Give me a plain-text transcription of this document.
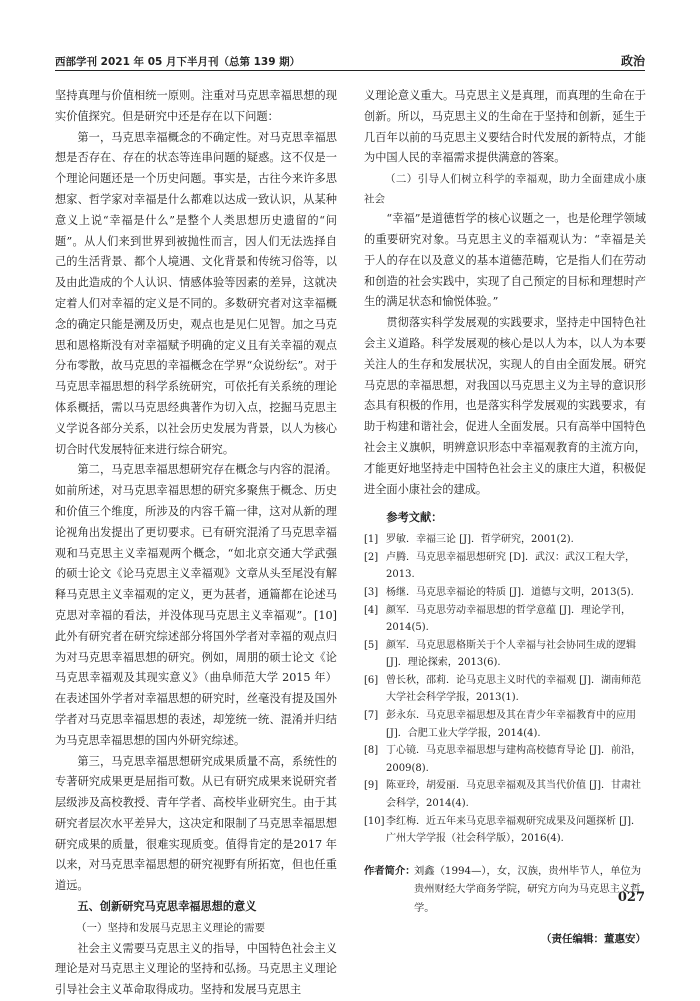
西部学刊 2021 年 05 月下半月刊（总第 139 期）	政治

坚持真理与价值相统一原则。注重对马克思幸福思想的现实价值探究。但是研究中还是存在以下问题：

第一，马克思幸福概念的不确定性。对马克思幸福思想是否存在、存在的状态等连串问题的疑惑。这不仅是一个理论问题还是一个历史问题。事实是，古往今来许多思想家、哲学家对幸福是什么都难以达成一致认识，从某种意义上说“幸福是什么”是整个人类思想历史遗留的“问题”。从人们来到世界到被抛性而言，因人们无法选择自己的生活背景、都个人境遇、文化背景和传统习俗等，以及由此造成的个人认识、情感体验等因素的差异，这就决定着人们对幸福的定义是不同的。多数研究者对这幸福概念的确定只能是溯及历史，观点也是见仁见智。加之马克思和恩格斯没有对幸福赋予明确的定义且有关幸福的观点分布零散，故马克思的幸福概念在学界“众说纷纭”。对于马克思幸福思想的科学系统研究，可依托有关系统的理论体系概括，需以马克思经典著作为切入点，挖掘马克思主义学说各部分关系，以社会历史发展为背景，以人为核心切合时代发展特征来进行综合研究。

第二，马克思幸福思想研究存在概念与内容的混淆。如前所述，对马克思幸福思想的研究多聚焦于概念、历史和价值三个维度，所涉及的内容千篇一律，这对从新的理论视角出发提出了更切要求。已有研究混淆了马克思幸福观和马克思主义幸福观两个概念，“如北京交通大学武强的硕士论文《论马克思主义幸福观》文章从头至尾没有解释马克思主义幸福观的定义，更为甚者，通篇都在论述马克思对幸福的看法，并没体现马克思主义幸福观”。[10] 此外有研究者在研究综述部分将国外学者对幸福的观点归为对马克思幸福思想的研究。例如，周朋的硕士论文《论马克思幸福观及其现实意义》（曲阜师范大学 2015 年）在表述国外学者对幸福思想的研究时，丝毫没有提及国外学者对马克思幸福思想的表述，却笼统一统、混淆并归结为马克思幸福思想的国内外研究综述。

第三，马克思幸福思想研究成果质量不高，系统性的专著研究成果更是屈指可数。从已有研究成果来说研究者层级涉及高校教授、青年学者、高校毕业研究生。由于其研究者层次水平差异大，这决定和限制了马克思幸福思想研究成果的质量，很难实现质变。值得肯定的是2017 年以来，对马克思幸福思想的研究视野有所拓宽，但也任重道远。

五、创新研究马克思幸福思想的意义

（一）坚持和发展马克思主义理论的需要

社会主义需要马克思主义的指导，中国特色社会主义理论是对马克思主义理论的坚持和弘扬。马克思主义理论引导社会主义革命取得成功。坚持和发展马克思主

义理论意义重大。马克思主义是真理，而真理的生命在于创新。所以，马克思主义的生命在于坚持和创新，延生于几百年以前的马克思主义要结合时代发展的新特点，才能为中国人民的幸福需求提供满意的答案。

（二）引导人们树立科学的幸福观，助力全面建成小康社会

“幸福”是道德哲学的核心议题之一，也是伦理学领域的重要研究对象。马克思主义的幸福观认为：“幸福是关于人的存在以及意义的基本道德范畴，它是指人们在劳动和创造的社会实践中，实现了自己预定的目标和理想时产生的满足状态和愉悦体验。”

贯彻落实科学发展观的实践要求，坚持走中国特色社会主义道路。科学发展观的核心是以人为本，以人为本要关注人的生存和发展状况，实现人的自由全面发展。研究马克思的幸福思想，对我国以马克思主义为主导的意识形态具有积极的作用，也是落实科学发展观的实践要求，有助于构建和谐社会，促进人全面发展。只有高举中国特色社会主义旗帜，明辨意识形态中幸福观教育的主流方向，才能更好地坚持走中国特色社会主义的康庄大道，积极促进全面小康社会的建成。

参考文献：

[1] 罗敏．幸福三论 [J]．哲学研究，2001(2).
[2] 卢腾．马克思幸福思想研究 [D]．武汉：武汉工程大学，2013.
[3] 杨继．马克思幸福论的特质 [J]．道德与文明，2013(5).
[4] 颜军．马克思劳动幸福思想的哲学意蕴 [J]．理论学刊，2014(5).
[5] 颜军．马克思恩格斯关于个人幸福与社会协同生成的逻辑 [J]．理论探索，2013(6).
[6] 曾长秋，邵莉．论马克思主义时代的幸福观 [J]．湖南师范大学社会科学学报，2013(1).
[7] 彭永东．马克思幸福思想及其在青少年幸福教育中的应用 [J]．合肥工业大学学报，2014(4).
[8] 丁心镜．马克思幸福思想与建构高校德育导论 [J]．前沿，2009(8).
[9] 陈亚玲，胡爱丽．马克思幸福观及其当代价值 [J]．甘肃社会科学，2014(4).
[10] 李红梅．近五年来马克思幸福观研究成果及问题探析 [J]．广州大学学报（社会科学版），2016(4).
作者简介：
刘鑫（1994—），女，汉族，贵州毕节人，单位为贵州财经大学商务学院，研究方向为马克思主义哲学。
（责任编辑：董惠安）
027
